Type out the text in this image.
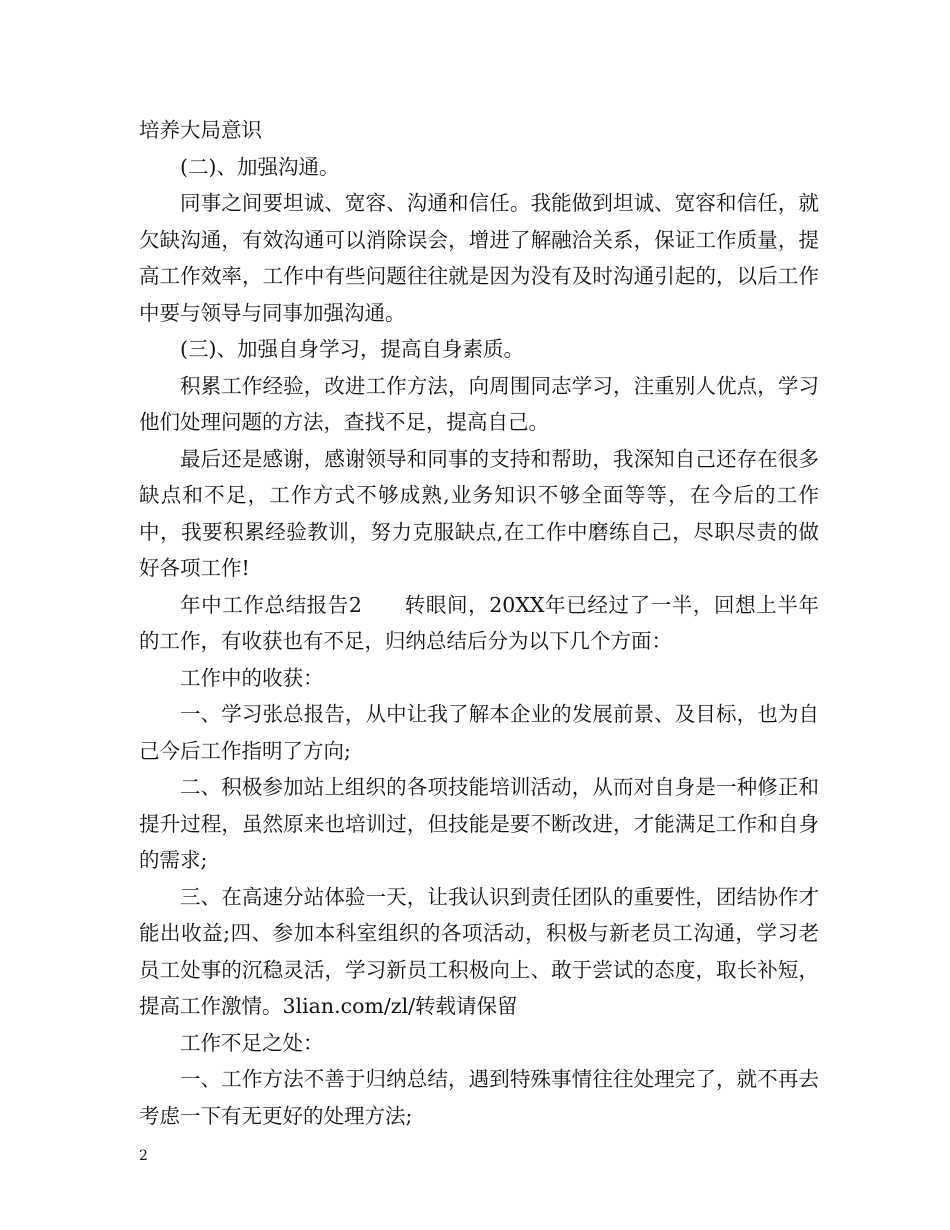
培养大局意识

(二)、加强沟通。

同事之间要坦诚、宽容、沟通和信任。我能做到坦诚、宽容和信任，就欠缺沟通，有效沟通可以消除误会，增进了解融洽关系，保证工作质量，提高工作效率，工作中有些问题往往就是因为没有及时沟通引起的，以后工作中要与领导与同事加强沟通。

(三)、加强自身学习，提高自身素质。

积累工作经验，改进工作方法，向周围同志学习，注重别人优点，学习他们处理问题的方法，查找不足，提高自己。

最后还是感谢，感谢领导和同事的支持和帮助，我深知自己还存在很多缺点和不足，工作方式不够成熟,业务知识不够全面等等，在今后的工作中，我要积累经验教训，努力克服缺点,在工作中磨练自己，尽职尽责的做好各项工作!

年中工作总结报告2　　转眼间，20XX年已经过了一半，回想上半年的工作，有收获也有不足，归纳总结后分为以下几个方面：

工作中的收获：

一、学习张总报告，从中让我了解本企业的发展前景、及目标，也为自己今后工作指明了方向;

二、积极参加站上组织的各项技能培训活动，从而对自身是一种修正和提升过程，虽然原来也培训过，但技能是要不断改进，才能满足工作和自身的需求;

三、在高速分站体验一天，让我认识到责任团队的重要性，团结协作才能出收益;四、参加本科室组织的各项活动，积极与新老员工沟通，学习老员工处事的沉稳灵活，学习新员工积极向上、敢于尝试的态度，取长补短，提高工作激情。3lian.com/zl/转载请保留

工作不足之处：

一、工作方法不善于归纳总结，遇到特殊事情往往处理完了，就不再去考虑一下有无更好的处理方法;

2
